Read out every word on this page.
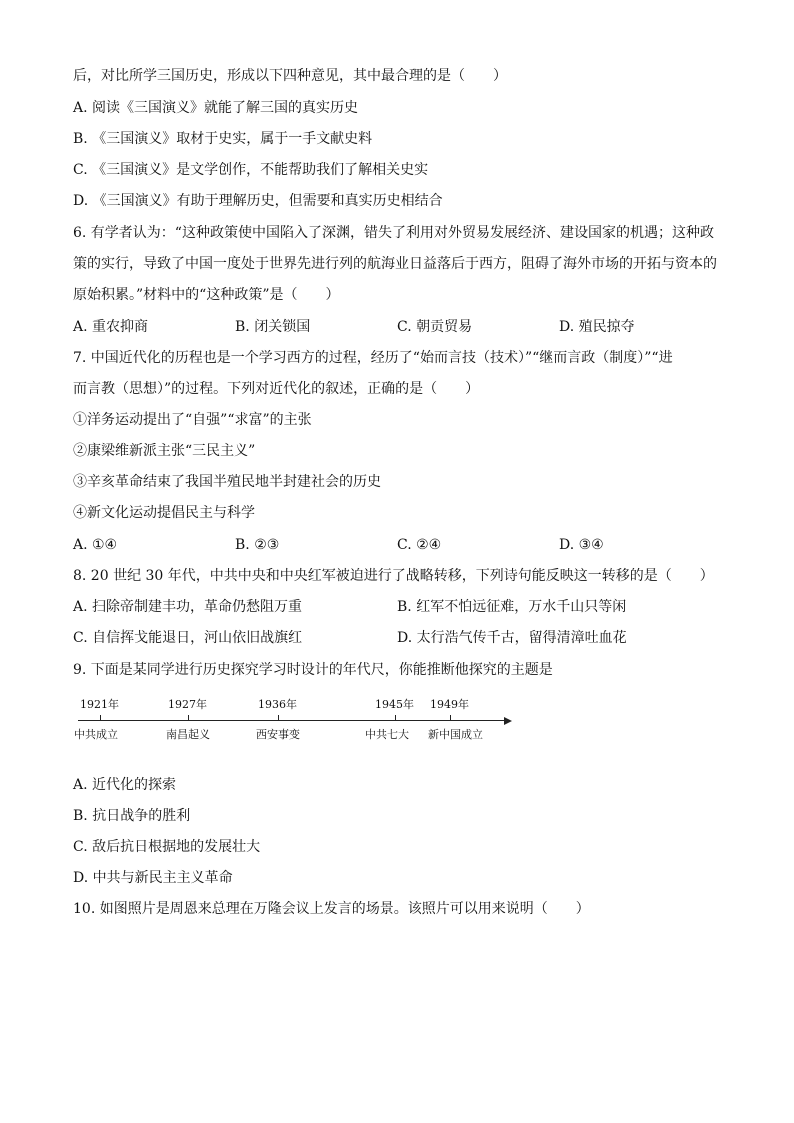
后，对比所学三国历史，形成以下四种意见，其中最合理的是（　　）
A. 阅读《三国演义》就能了解三国的真实历史
B. 《三国演义》取材于史实，属于一手文献史料
C. 《三国演义》是文学创作，不能帮助我们了解相关史实
D. 《三国演义》有助于理解历史，但需要和真实历史相结合
6. 有学者认为：“这种政策使中国陷入了深渊，错失了利用对外贸易发展经济、建设国家的机遇；这种政
策的实行，导致了中国一度处于世界先进行列的航海业日益落后于西方，阻碍了海外市场的开拓与资本的
原始积累。”材料中的“这种政策”是（　　）
A. 重农抑商	B. 闭关锁国	C. 朝贡贸易	D. 殖民掠夺
7. 中国近代化的历程也是一个学习西方的过程，经历了“始而言技（技术）”“继而言政（制度）”“进
而言教（思想）”的过程。下列对近代化的叙述，正确的是（　　）
①洋务运动提出了“自强”“求富”的主张
②康梁维新派主张“三民主义”
③辛亥革命结束了我国半殖民地半封建社会的历史
④新文化运动提倡民主与科学
A. ①④	B. ②③	C. ②④	D. ③④
8. 20 世纪 30 年代，中共中央和中央红军被迫进行了战略转移，下列诗句能反映这一转移的是（　　）
A. 扫除帝制建丰功，革命仍愁阻万重	B. 红军不怕远征难，万水千山只等闲
C. 自信挥戈能退日，河山依旧战旗红	D. 太行浩气传千古，留得清漳吐血花
9. 下面是某同学进行历史探究学习时设计的年代尺，你能推断他探究的主题是
1921年	1927年	1936年	1945年 1949年
中共成立	南昌起义	西安事变	中共七大 新中国成立
A. 近代化的探索
B. 抗日战争的胜利
C. 敌后抗日根据地的发展壮大
D. 中共与新民主主义革命
10. 如图照片是周恩来总理在万隆会议上发言的场景。该照片可以用来说明（　　）
